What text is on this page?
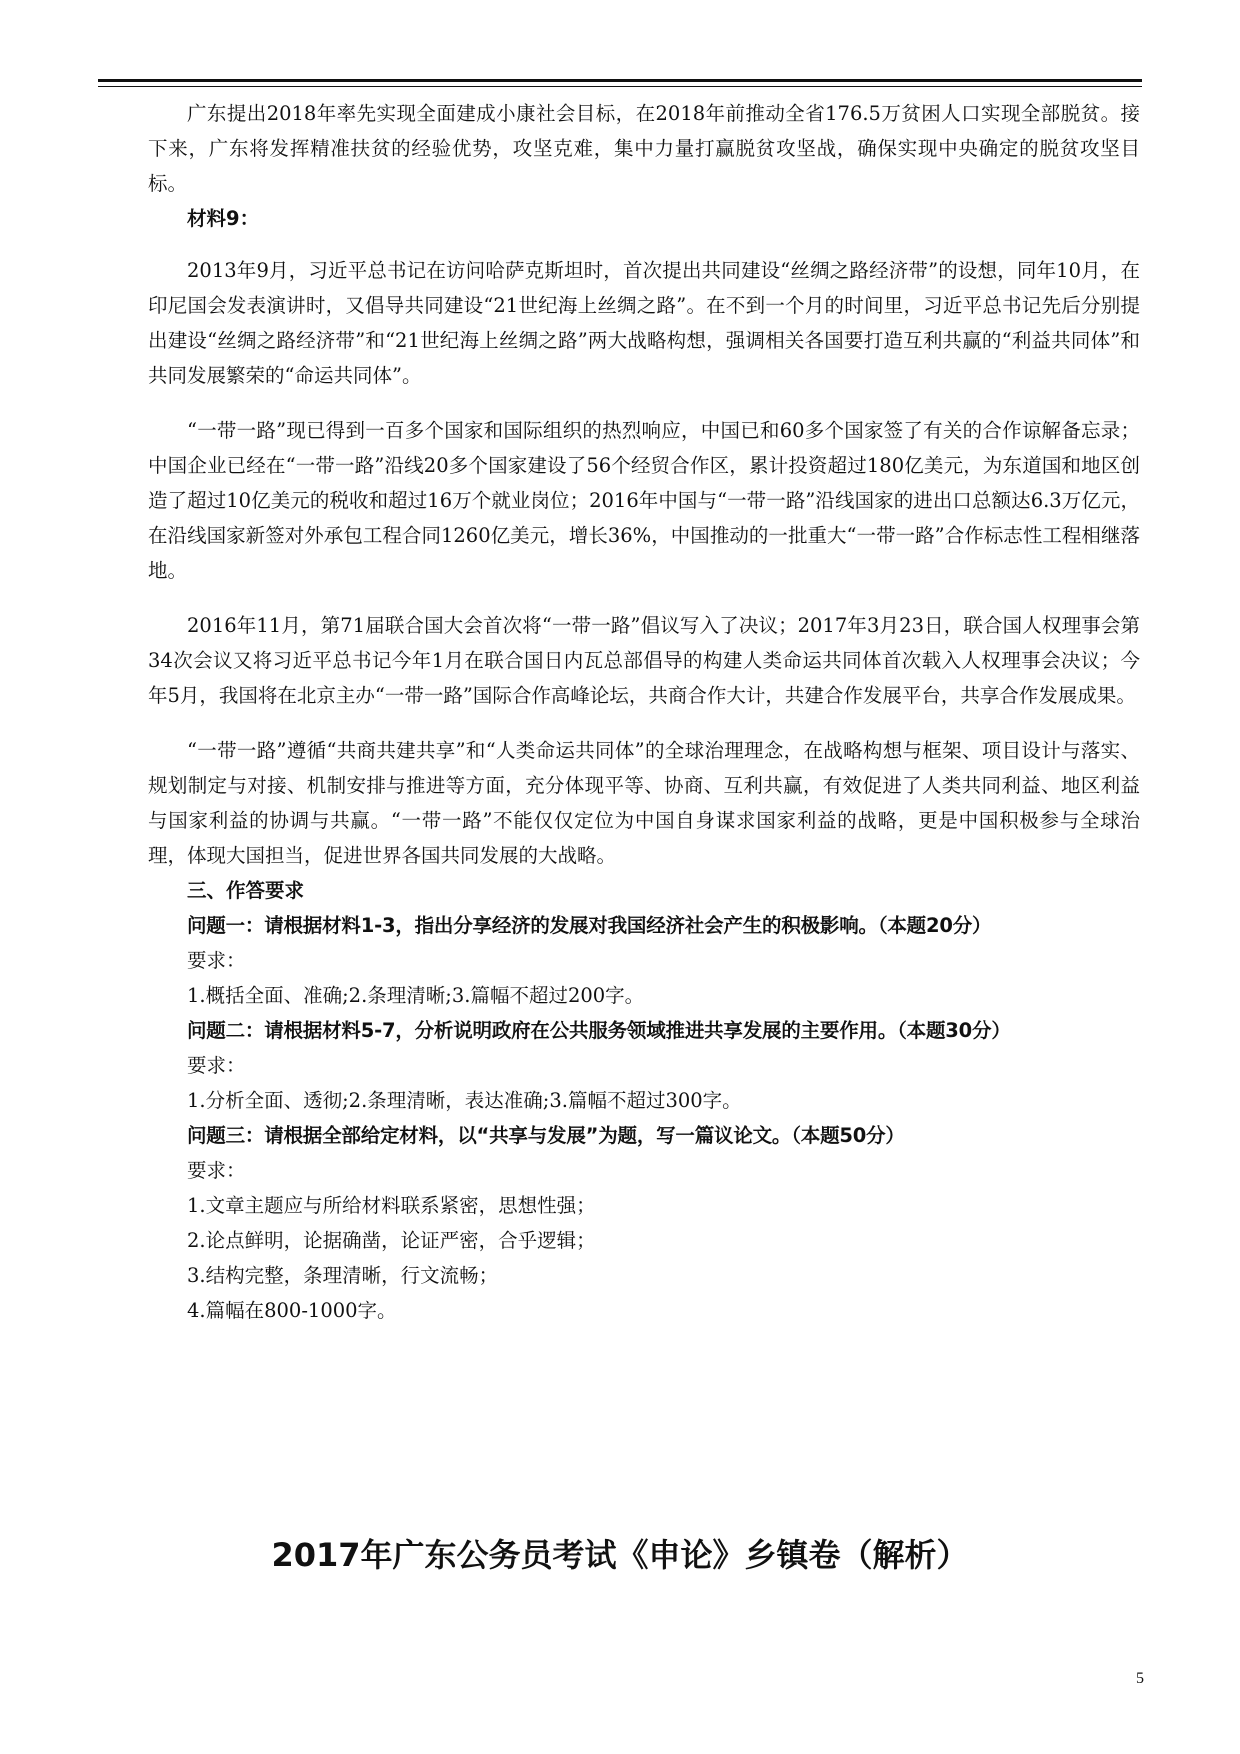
广东提出2018年率先实现全面建成小康社会目标，在2018年前推动全省176.5万贫困人口实现全部脱贫。接下来，广东将发挥精准扶贫的经验优势，攻坚克难，集中力量打赢脱贫攻坚战，确保实现中央确定的脱贫攻坚目标。

材料9：

2013年9月，习近平总书记在访问哈萨克斯坦时，首次提出共同建设“丝绸之路经济带”的设想，同年10月，在印尼国会发表演讲时，又倡导共同建设“21世纪海上丝绸之路”。在不到一个月的时间里，习近平总书记先后分别提出建设“丝绸之路经济带”和“21世纪海上丝绸之路”两大战略构想，强调相关各国要打造互利共赢的“利益共同体”和共同发展繁荣的“命运共同体”。

“一带一路”现已得到一百多个国家和国际组织的热烈响应，中国已和60多个国家签了有关的合作谅解备忘录；中国企业已经在“一带一路”沿线20多个国家建设了56个经贸合作区，累计投资超过180亿美元，为东道国和地区创造了超过10亿美元的税收和超过16万个就业岗位；2016年中国与“一带一路”沿线国家的进出口总额达6.3万亿元，在沿线国家新签对外承包工程合同1260亿美元，增长36%，中国推动的一批重大“一带一路”合作标志性工程相继落地。

2016年11月，第71届联合国大会首次将“一带一路”倡议写入了决议；2017年3月23日，联合国人权理事会第34次会议又将习近平总书记今年1月在联合国日内瓦总部倡导的构建人类命运共同体首次载入人权理事会决议；今年5月，我国将在北京主办“一带一路”国际合作高峰论坛，共商合作大计，共建合作发展平台，共享合作发展成果。

“一带一路”遵循“共商共建共享”和“人类命运共同体”的全球治理理念，在战略构想与框架、项目设计与落实、规划制定与对接、机制安排与推进等方面，充分体现平等、协商、互利共赢，有效促进了人类共同利益、地区利益与国家利益的协调与共赢。“一带一路”不能仅仅定位为中国自身谋求国家利益的战略，更是中国积极参与全球治理，体现大国担当，促进世界各国共同发展的大战略。

三、作答要求

问题一：请根据材料1-3，指出分享经济的发展对我国经济社会产生的积极影响。（本题20分）

要求：

1.概括全面、准确;2.条理清晰;3.篇幅不超过200字。

问题二：请根据材料5-7，分析说明政府在公共服务领域推进共享发展的主要作用。（本题30分）

要求：

1.分析全面、透彻;2.条理清晰，表达准确;3.篇幅不超过300字。

问题三：请根据全部给定材料，以“共享与发展”为题，写一篇议论文。（本题50分）

要求：

1.文章主题应与所给材料联系紧密，思想性强；

2.论点鲜明，论据确凿，论证严密，合乎逻辑；

3.结构完整，条理清晰，行文流畅；

4.篇幅在800-1000字。

2017年广东公务员考试《申论》乡镇卷（解析）
5
